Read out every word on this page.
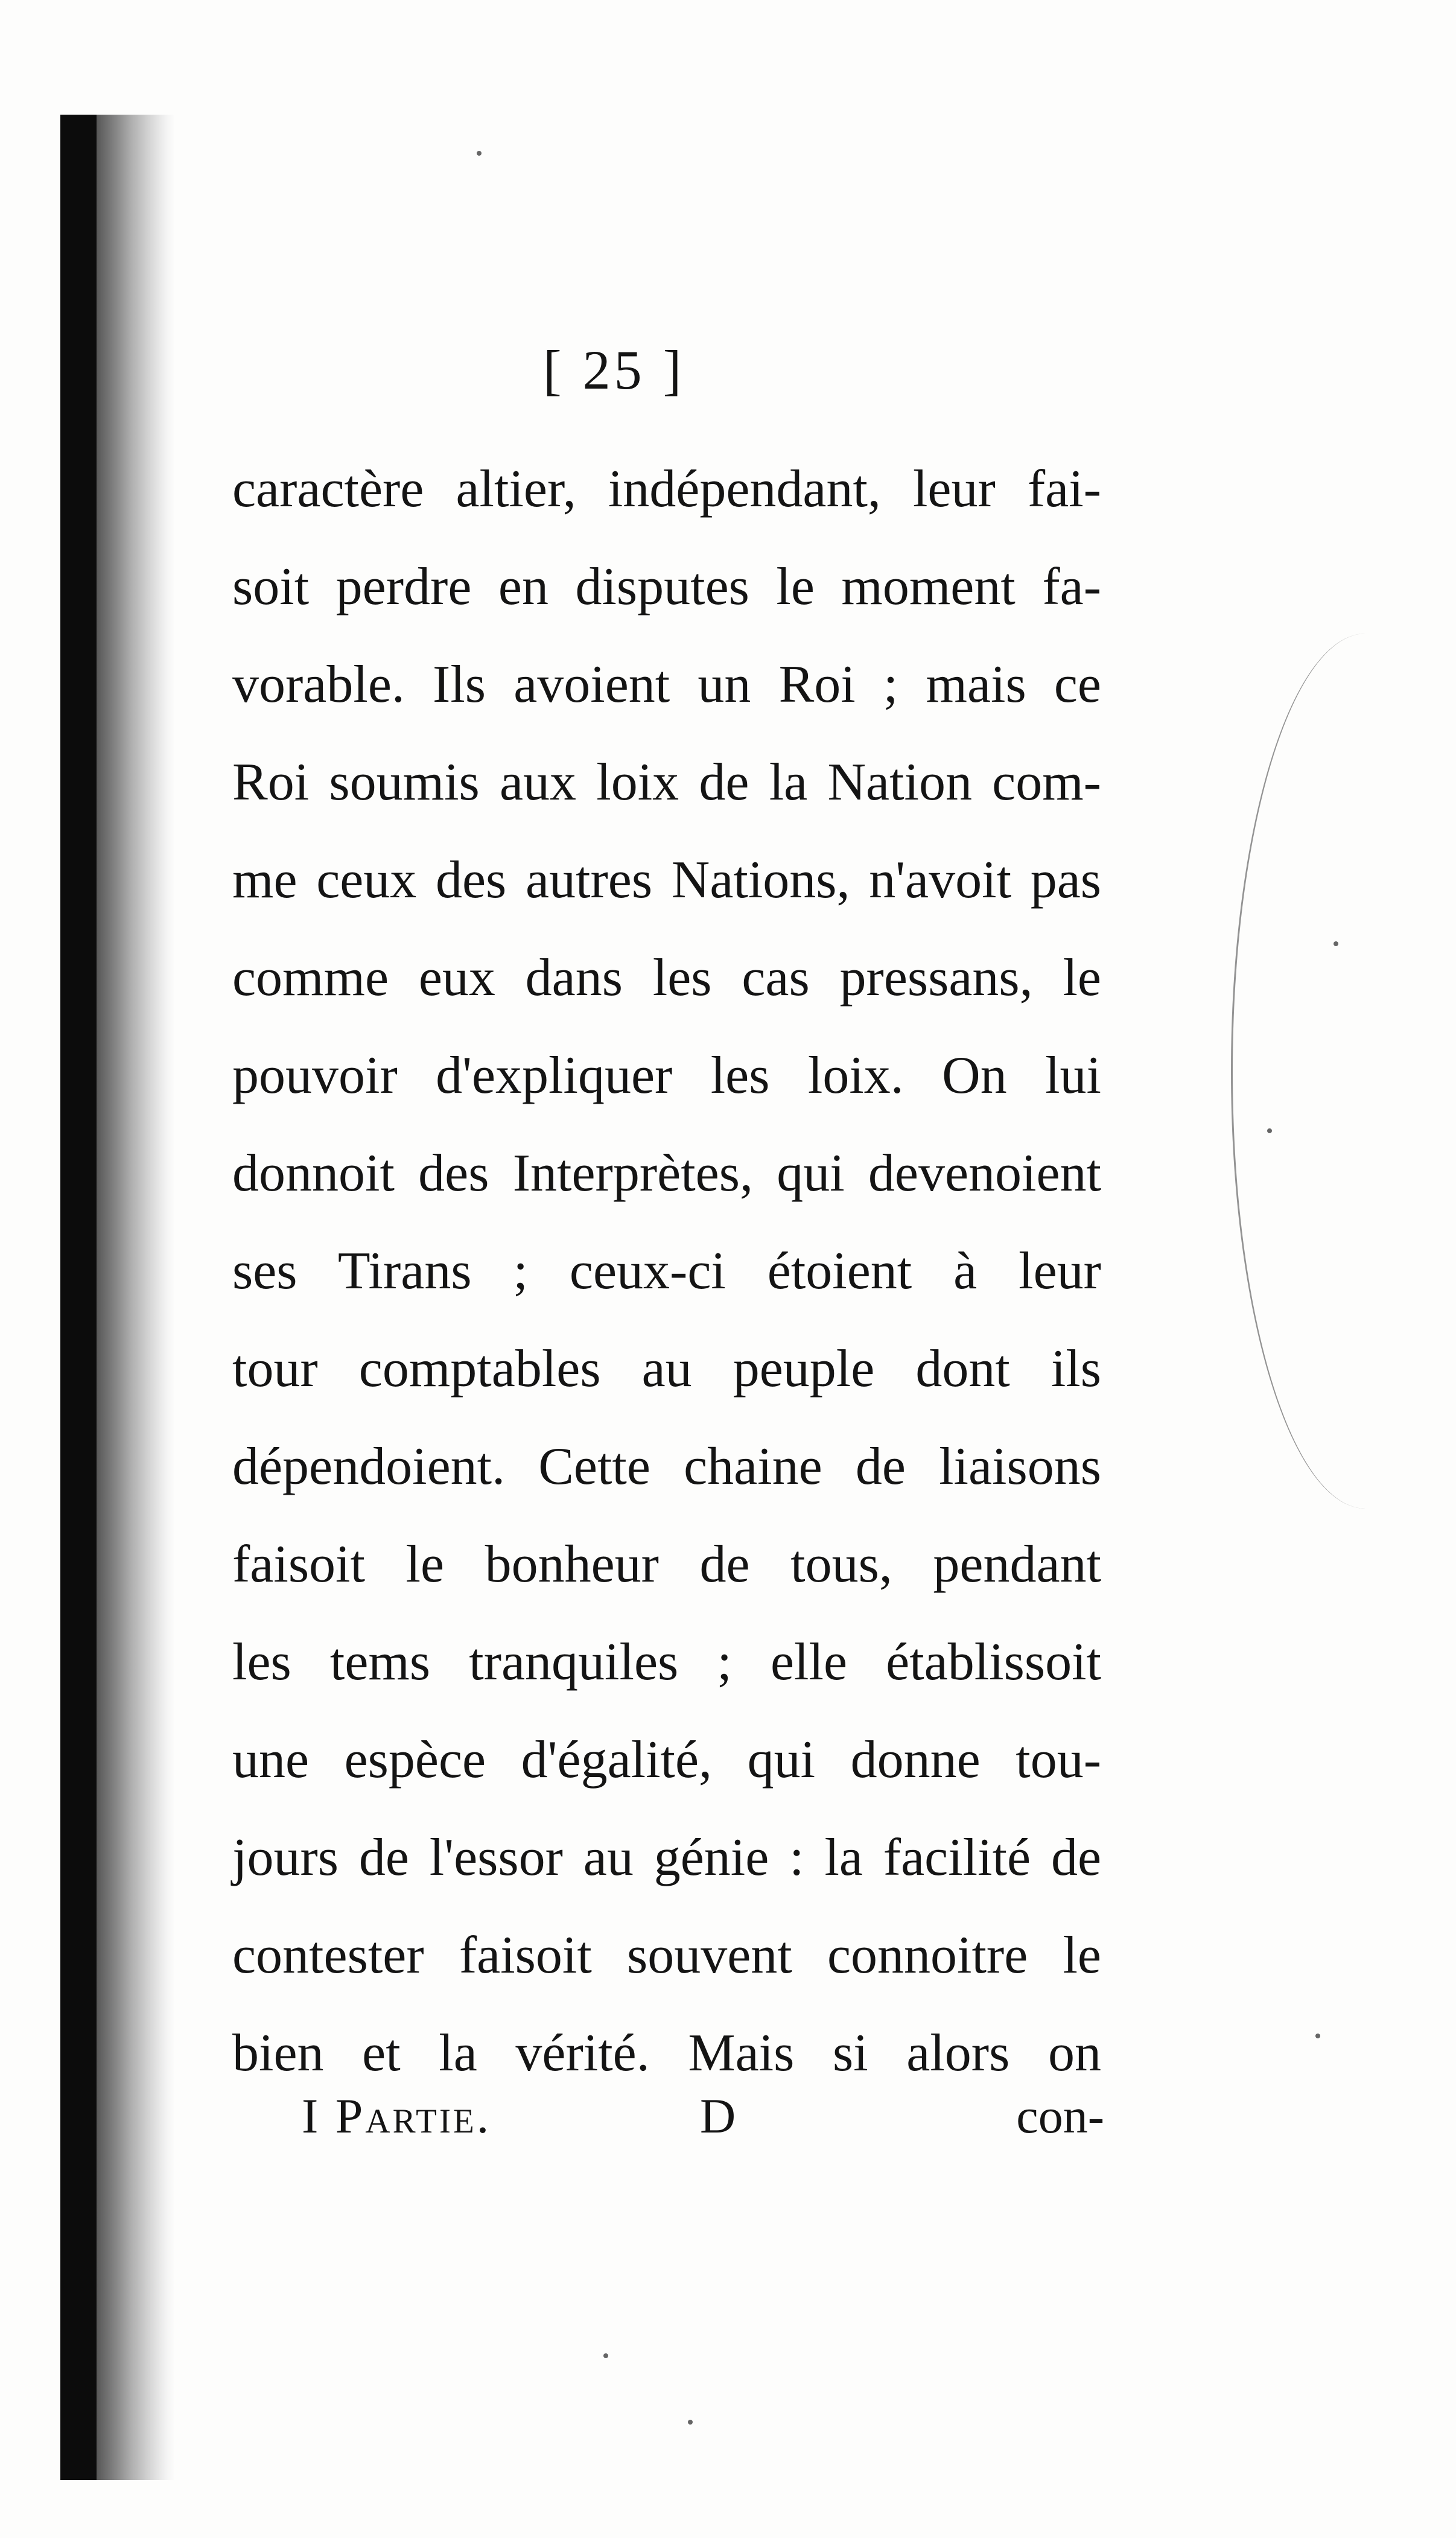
[ 25 ]
caractère altier, indépendant, leur fai-
soit perdre en disputes le moment fa-
vorable. Ils avoient un Roi ; mais ce
Roi soumis aux loix de la Nation com-
me ceux des autres Nations, n'avoit pas
comme eux dans les cas pressans, le
pouvoir d'expliquer les loix. On lui
donnoit des Interprètes, qui devenoient
ses Tirans ; ceux-ci étoient à leur
tour comptables au peuple dont ils
dépendoient. Cette chaine de liaisons
faisoit le bonheur de tous, pendant
les tems tranquiles ; elle établissoit
une espèce d'égalité, qui donne tou-
jours de l'essor au génie : la facilité de
contester faisoit souvent connoitre le
bien et la vérité. Mais si alors on
I Partie.	D	con-
